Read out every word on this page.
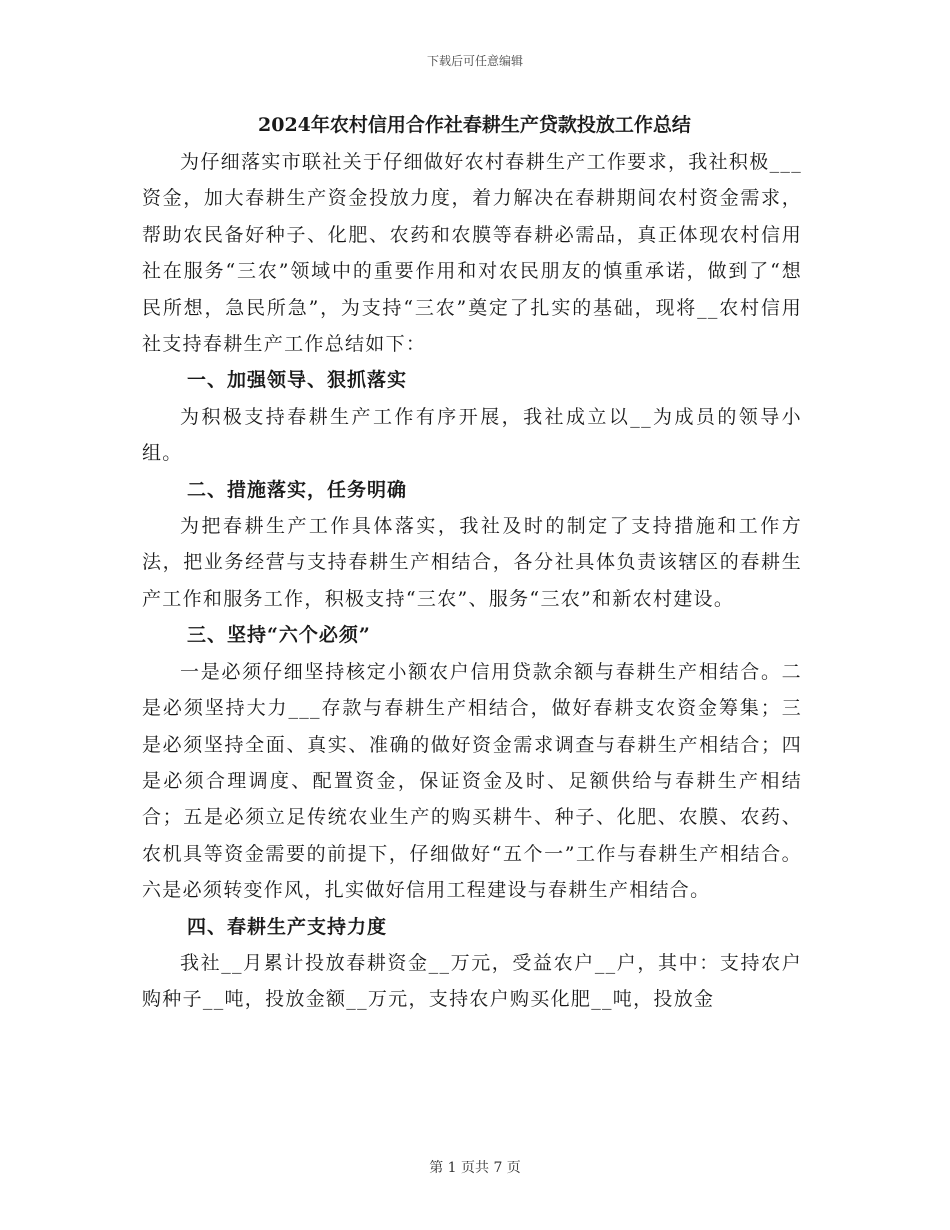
下载后可任意编辑
2024年农村信用合作社春耕生产贷款投放工作总结

为仔细落实市联社关于仔细做好农村春耕生产工作要求，我社积极___资金，加大春耕生产资金投放力度，着力解决在春耕期间农村资金需求，帮助农民备好种子、化肥、农药和农膜等春耕必需品，真正体现农村信用社在服务“三农”领域中的重要作用和对农民朋友的慎重承诺，做到了“想民所想，急民所急”，为支持“三农”奠定了扎实的基础，现将__农村信用社支持春耕生产工作总结如下：

一、加强领导、狠抓落实

为积极支持春耕生产工作有序开展，我社成立以__为成员的领导小组。

二、措施落实，任务明确

为把春耕生产工作具体落实，我社及时的制定了支持措施和工作方法，把业务经营与支持春耕生产相结合，各分社具体负责该辖区的春耕生产工作和服务工作，积极支持“三农”、服务“三农”和新农村建设。

三、坚持“六个必须”

一是必须仔细坚持核定小额农户信用贷款余额与春耕生产相结合。二是必须坚持大力___存款与春耕生产相结合，做好春耕支农资金筹集；三是必须坚持全面、真实、准确的做好资金需求调查与春耕生产相结合；四是必须合理调度、配置资金，保证资金及时、足额供给与春耕生产相结合；五是必须立足传统农业生产的购买耕牛、种子、化肥、农膜、农药、农机具等资金需要的前提下，仔细做好“五个一”工作与春耕生产相结合。六是必须转变作风，扎实做好信用工程建设与春耕生产相结合。

四、春耕生产支持力度

我社__月累计投放春耕资金__万元，受益农户__户，其中：支持农户购种子__吨，投放金额__万元，支持农户购买化肥__吨，投放金

第 1 页共 7 页
